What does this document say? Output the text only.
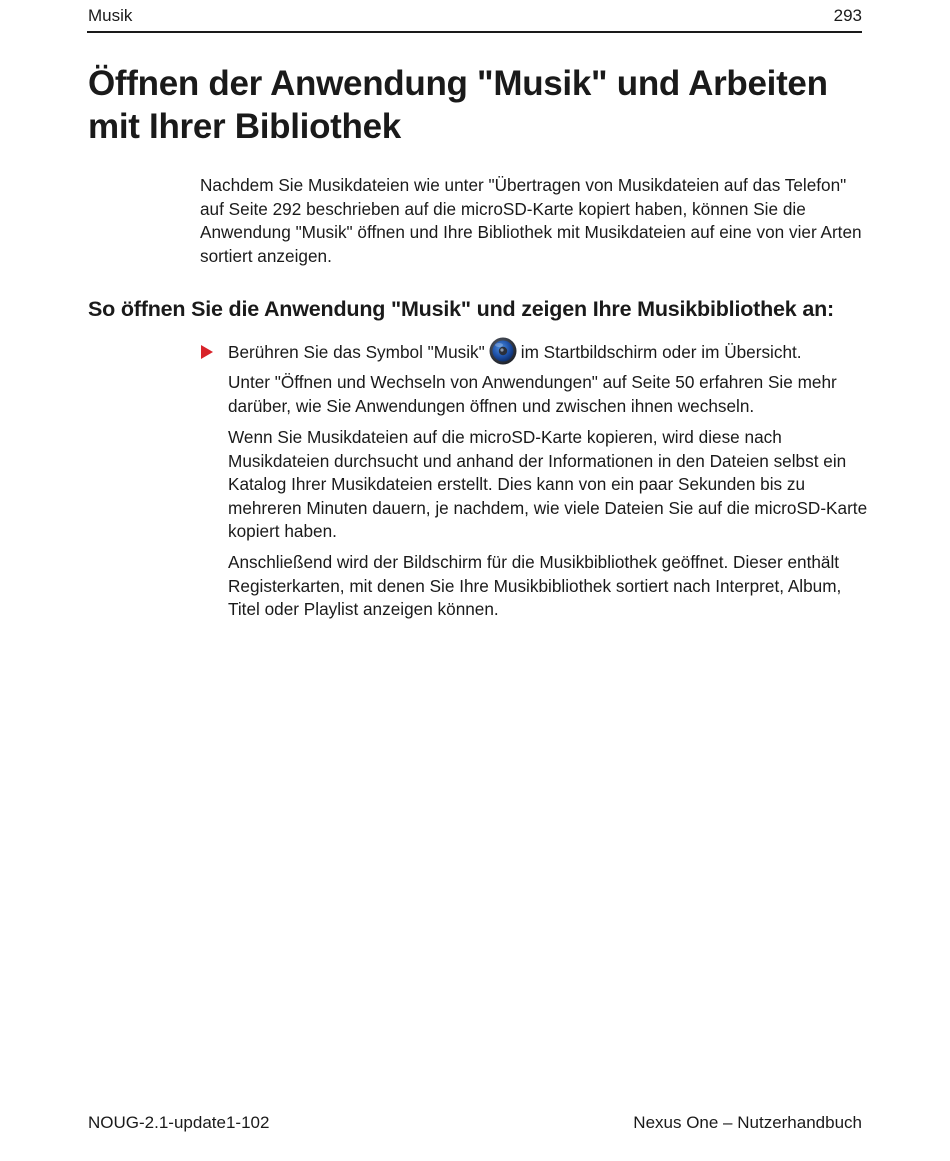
Musik	293
Öffnen der Anwendung "Musik" und Arbeiten mit Ihrer Bibliothek

Nachdem Sie Musikdateien wie unter "Übertragen von Musikdateien auf das Telefon" auf Seite 292 beschrieben auf die microSD-Karte kopiert haben, können Sie die Anwendung "Musik" öffnen und Ihre Bibliothek mit Musikdateien auf eine von vier Arten sortiert anzeigen.

So öffnen Sie die Anwendung "Musik" und zeigen Ihre Musikbibliothek an:
Berühren Sie das Symbol "Musik" im Startbildschirm oder im Übersicht.

Unter "Öffnen und Wechseln von Anwendungen" auf Seite 50 erfahren Sie mehr darüber, wie Sie Anwendungen öffnen und zwischen ihnen wechseln.

Wenn Sie Musikdateien auf die microSD-Karte kopieren, wird diese nach Musikdateien durchsucht und anhand der Informationen in den Dateien selbst ein Katalog Ihrer Musikdateien erstellt. Dies kann von ein paar Sekunden bis zu mehreren Minuten dauern, je nachdem, wie viele Dateien Sie auf die microSD-Karte kopiert haben.

Anschließend wird der Bildschirm für die Musikbibliothek geöffnet. Dieser enthält Registerkarten, mit denen Sie Ihre Musikbibliothek sortiert nach Interpret, Album, Titel oder Playlist anzeigen können.

NOUG-2.1-update1-102	Nexus One – Nutzerhandbuch
